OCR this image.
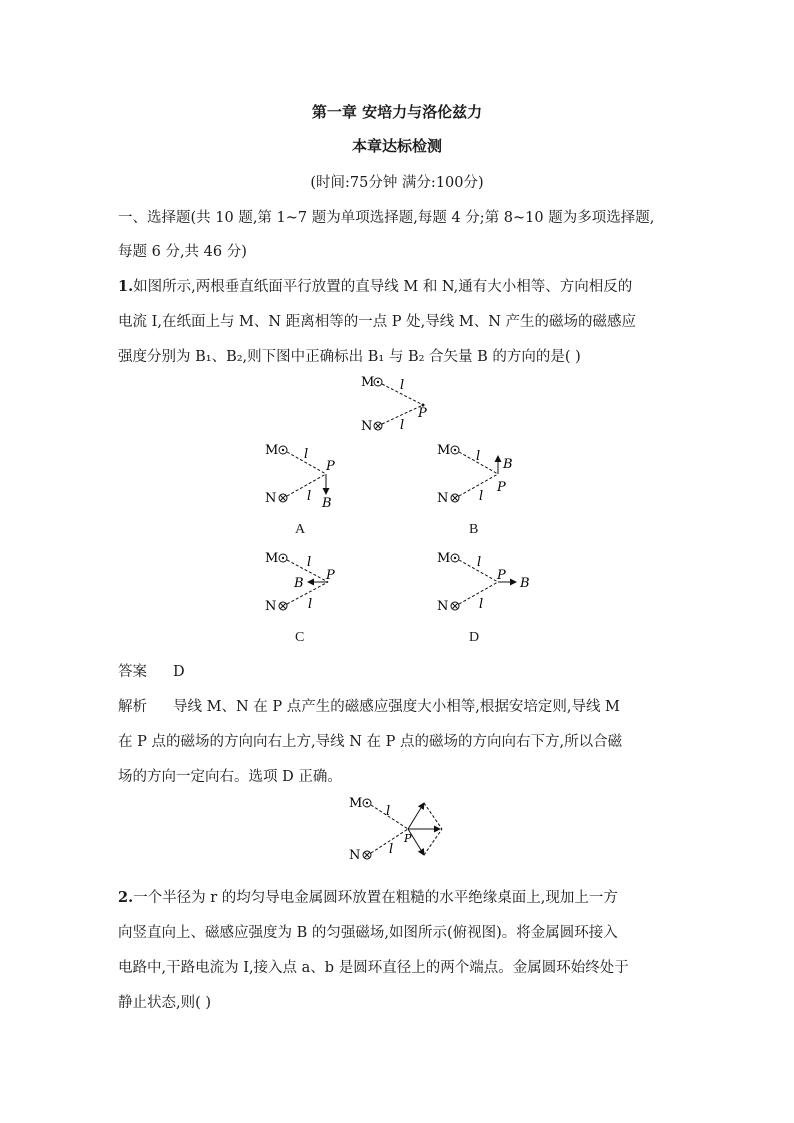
第一章 安培力与洛伦兹力
本章达标检测
(时间:75分钟 满分:100分)
一、选择题(共 10 题,第 1~7 题为单项选择题,每题 4 分;第 8~10 题为多项选择题,
每题 6 分,共 46 分)
1.如图所示,两根垂直纸面平行放置的直导线 M 和 N,通有大小相等、方向相反的
电流 I,在纸面上与 M、N 距离相等的一点 P 处,导线 M、N 产生的磁场的磁感应
强度分别为 B₁、B₂,则下图中正确标出 B₁ 与 B₂ 合矢量 B 的方向的是( )
M
N
l
l
P
M
N
l
l
P
B
A
M
N
l
l
P
B
B
M
N
l
l
P
B
C
M
N
l
l
P
B
D
答案 D
解析 导线 M、N 在 P 点产生的磁感应强度大小相等,根据安培定则,导线 M
在 P 点的磁场的方向向右上方,导线 N 在 P 点的磁场的方向向右下方,所以合磁
场的方向一定向右。选项 D 正确。
M
N
l
l
P
2.一个半径为 r 的均匀导电金属圆环放置在粗糙的水平绝缘桌面上,现加上一方
向竖直向上、磁感应强度为 B 的匀强磁场,如图所示(俯视图)。将金属圆环接入
电路中,干路电流为 I,接入点 a、b 是圆环直径上的两个端点。金属圆环始终处于
静止状态,则( )
